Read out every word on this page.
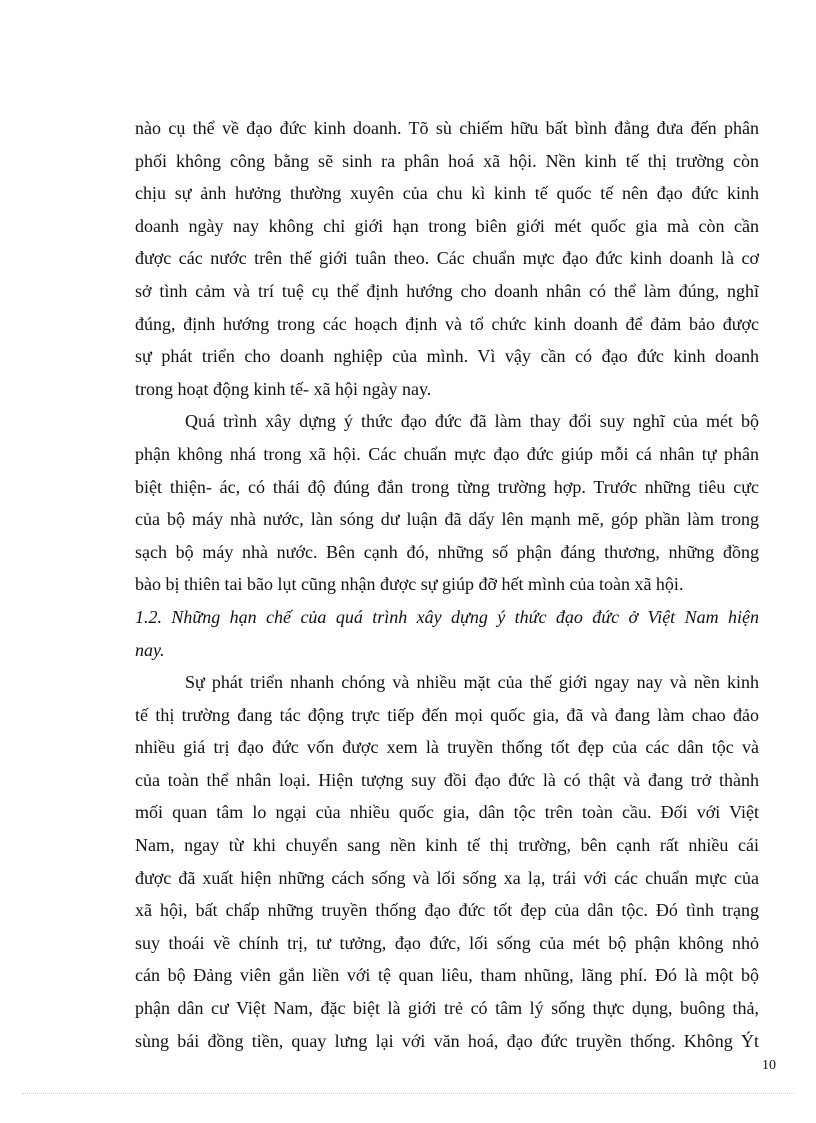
nào cụ thể về đạo đức kinh doanh. Tõ sù chiếm hữu bất bình đẳng đưa đến phân
phối không công bằng sẽ sinh ra phân hoá xã hội. Nền kinh tế thị trường còn
chịu sự ảnh hưởng thường xuyên của chu kì kinh tế quốc tế nên đạo đức kinh
doanh ngày nay không chỉ giới hạn trong biên giới mét quốc gia mà còn cần
được các nước trên thế giới tuân theo. Các chuẩn mực đạo đức kinh doanh là cơ
sở tình cảm và trí tuệ cụ thể định hướng cho doanh nhân có thể làm đúng, nghĩ
đúng, định hướng trong các hoạch định và tổ chức kinh doanh để đảm bảo được
sự phát triển cho doanh nghiệp của mình. Vì vậy cần có đạo đức kinh doanh
trong hoạt động kinh tế- xã hội ngày nay.
Quá trình xây dựng ý thức đạo đức đã làm thay đổi suy nghĩ của mét bộ
phận không nhá trong xã hội. Các chuẩn mực đạo đức giúp mỗi cá nhân tự phân
biệt thiện- ác, có thái độ đúng đắn trong từng trường hợp. Trước những tiêu cực
của bộ máy nhà nước, làn sóng dư luận đã dấy lên mạnh mẽ, góp phần làm trong
sạch bộ máy nhà nước. Bên cạnh đó, những số phận đáng thương, những đồng
bào bị thiên tai bão lụt cũng nhận được sự giúp đỡ hết mình của toàn xã hội.
1.2. Những hạn chế của quá trình xây dựng ý thức đạo đức ở Việt Nam hiện
nay.
Sự phát triển nhanh chóng và nhiều mặt của thế giới ngay nay và nền kinh
tế thị trường đang tác động trực tiếp đến mọi quốc gia, đã và đang làm chao đảo
nhiều giá trị đạo đức vốn được xem là truyền thống tốt đẹp của các dân tộc và
của toàn thể nhân loại. Hiện tượng suy đồi đạo đức là có thật và đang trở thành
mối quan tâm lo ngại của nhiều quốc gia, dân tộc trên toàn cầu. Đối với Việt
Nam, ngay từ khi chuyển sang nền kinh tế thị trường, bên cạnh rất nhiều cái
được đã xuất hiện những cách sống và lối sống xa lạ, trái với các chuẩn mực của
xã hội, bất chấp những truyền thống đạo đức tốt đẹp của dân tộc. Đó tình trạng
suy thoái về chính trị, tư tưởng, đạo đức, lối sống của mét bộ phận không nhỏ
cán bộ Đảng viên gắn liền với tệ quan liêu, tham nhũng, lãng phí. Đó là một bộ
phận dân cư Việt Nam, đặc biệt là giới trẻ có tâm lý sống thực dụng, buông thả,
sùng bái đồng tiền, quay lưng lại với văn hoá, đạo đức truyền thống. Không Ýt
10
